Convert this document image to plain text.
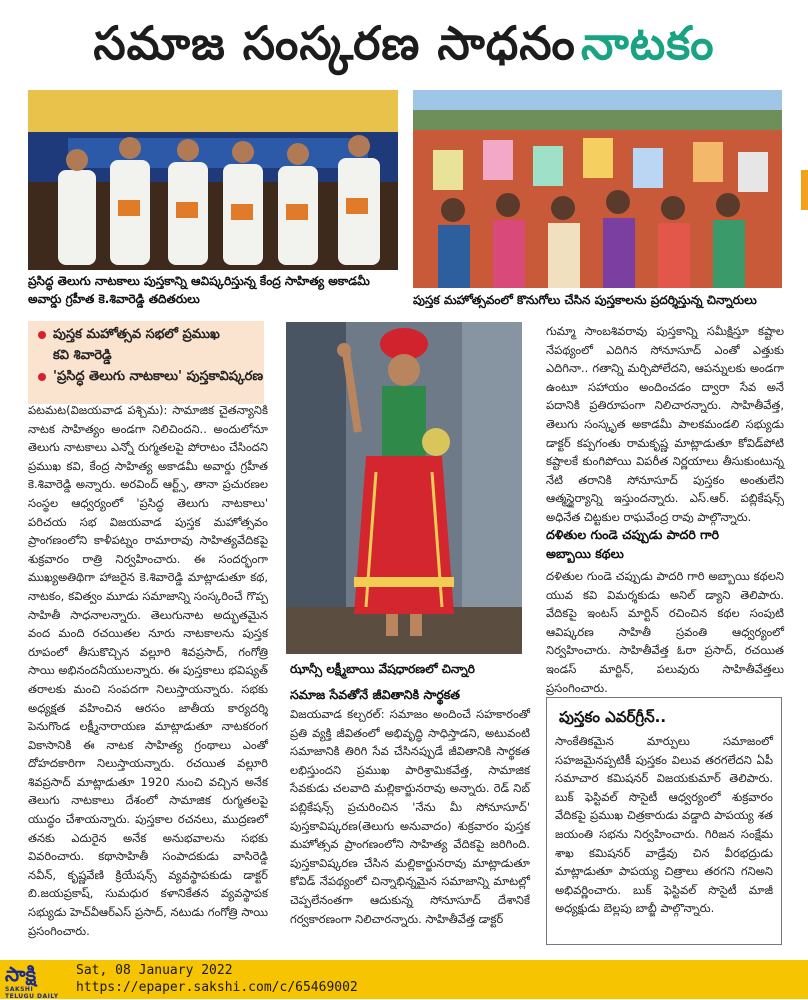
సమాజ సంస్కరణ సాధనం నాటకం
ప్రసిద్ధ తెలుగు నాటకాలు పుస్తకాన్ని ఆవిష్కరిస్తున్న కేంద్ర సాహిత్య అకాడమీ
అవార్డు గ్రహీత కె.శివారెడ్డి తదితరులు	పుస్తక మహోత్సవంలో కొనుగోలు చేసిన పుస్తకాలను ప్రదర్శిస్తున్న చిన్నారులు
పుస్తక మహోత్సవ సభలో ప్రముఖ
కవి శివారెడ్డి
'ప్రసిద్ధ తెలుగు నాటకాలు' పుస్తకావిష్కరణ

పటమట(విజయవాడ పశ్చిమ): సామాజిక చైతన్యానికి నాటక సాహిత్యం అండగా నిలిచిందని.. అందులోనూ తెలుగు నాటకాలు ఎన్నో రుగ్మతలపై పోరాటం చేసిందని ప్రముఖ కవి, కేంద్ర సాహిత్య అకాడమీ అవార్డు గ్రహీత కె.శివారెడ్డి అన్నారు. అరవింద్ ఆర్ట్స్, తానా ప్రచురణల సంస్థల ఆధ్వర్యంలో 'ప్రసిద్ధ తెలుగు నాటకాలు' పరిచయ సభ విజయవాడ పుస్తక మహోత్సవం ప్రాంగణంలోని కాళీపట్నం రామారావు సాహిత్యవేదికపై శుక్రవారం రాత్రి నిర్వహించారు. ఈ సందర్భంగా ముఖ్యఅతిథిగా హాజరైన కె.శివారెడ్డి మాట్లాడుతూ కథ, నాటకం, కవిత్వం మూడు సమాజాన్ని సంస్కరించే గొప్ప సాహితీ సాధనాలన్నారు. తెలుగునాట అద్భుతమైన వంద మంది రచయితల నూరు నాటకాలను పుస్తక రూపంలో తీసుకొచ్చిన వల్లూరి శివప్రసాద్, గంగోత్రి సాయి అభినందనీయులన్నారు. ఈ పుస్తకాలు భవిష్యత్ తరాలకు మంచి సంపదగా నిలుస్తాయన్నారు. సభకు అధ్యక్షత వహించిన ఆరసం జాతీయ కార్యదర్శి పెనుగొండ లక్ష్మీనారాయణ మాట్లాడుతూ నాటకరంగ వికాసానికి ఈ నాటక సాహిత్య గ్రంథాలు ఎంతో దోహదకారిగా నిలుస్తాయన్నారు. రచయిత వల్లూరి శివప్రసాద్ మాట్లాడుతూ 1920 నుంచి వచ్చిన అనేక తెలుగు నాటకాలు దేశంలో సామాజిక రుగ్మతలపై యుద్ధం చేశాయన్నారు. పుస్తకాల రచనలు, ముద్రణలో తనకు ఎదురైన అనేక అనుభవాలను సభకు వివరించారు. కథాసాహితీ సంపాదకుడు వాసిరెడ్డి నవీన్, కృష్ణవేణి క్రియేషన్స్ వ్యవస్థాపకుడు డాక్టర్ బి.జయప్రకాష్, సుమధుర కళానికేతన వ్యవస్థాపక సభ్యుడు హెచ్‌వీఆర్‌ఎస్ ప్రసాద్, నటుడు గంగోత్రి సాయి ప్రసంగించారు.

ఝాన్సీ లక్ష్మీబాయి వేషధారణలో చిన్నారి
సమాజ సేవతోనే జీవితానికి సార్థకత

విజయవాడ కల్చరల్: సమాజం అందించే సహకారంతో ప్రతి వ్యక్తి జీవితంలో అభివృద్ధి సాధిస్తాడని, అటువంటి సమాజానికి తిరిగి సేవ చేసినప్పుడే జీవితానికి సార్థకత లభిస్తుందని ప్రముఖ పారిశ్రామికవేత్త, సామాజిక సేవకుడు చలవాది మల్లికార్జునరావు అన్నారు. రెడ్ నిబ్ పబ్లికేషన్స్ ప్రచురించిన 'నేను మీ సోనూసూద్' పుస్తకావిష్కరణ(తెలుగు అనువాదం) శుక్రవారం పుస్తక మహోత్సవ ప్రాంగణంలోని సాహిత్య వేదికపై జరిగింది. పుస్తకావిష్కరణ చేసిన మల్లికార్జునరావు మాట్లాడుతూ కోవిడ్ నేపథ్యంలో చిన్నాభిన్నమైన సమాజాన్ని మాటల్లో చెప్పలేనంతగా ఆదుకున్న సోనూసూద్ దేశానికే గర్వకారణంగా నిలిచారన్నారు. సాహితీవేత్త డాక్టర్

గుమ్మా సాంబశివరావు పుస్తకాన్ని సమీక్షిస్తూ కష్టాల నేపథ్యంలో ఎదిగిన సోనూసూద్ ఎంతో ఎత్తుకు ఎదిగినా.. గతాన్ని మర్చిపోలేదని, ఆపన్నులకు అండగా ఉంటూ సహాయం అందించడం ద్వారా సేవ అనే పదానికి ప్రతిరూపంగా నిలిచారన్నారు. సాహితీవేత్త, తెలుగు సంస్కృత అకాడమీ పాలకమండలి సభ్యుడు డాక్టర్ కప్పగంతు రామకృష్ణ మాట్లాడుతూ కోవిడ్‌పోటి కష్టాలకే కుంగిపోయి విపరీత నిర్ణయాలు తీసుకుంటున్న నేటి తరానికి సోనూసూద్ పుస్తకం అంతులేని ఆత్మస్థైర్యాన్ని ఇస్తుందన్నారు. ఎస్.ఆర్. పబ్లికేషన్స్ అధినేత చిట్టకుల రాఘవేంద్ర రావు పాల్గొన్నారు.

దళితుల గుండె చప్పుడు పాదరి గారి
అబ్బాయి కథలు

దళితుల గుండె చప్పుడు పాదరి గారి అబ్బాయి కథలని యువ కవి విమర్శకుడు అనిల్ డ్యాని తెలిపారు. వేదికపై ఇంటస్ మార్టిన్ రచించిన కథల సంపుటి ఆవిష్కరణ సాహితీ స్రవంతి ఆధ్వర్యంలో నిర్వహించారు. సాహితీవేత్త ఓరా ప్రసాద్, రచయిత ఇండస్ మార్టిన్, పలువురు సాహితీవేత్తలు ప్రసంగించారు.

పుస్తకం ఎవర్‌గ్రీన్..

సాంకేతికమైన మార్పులు సమాజంలో సహజమైనప్పటికీ పుస్తకం విలువ తరగలేదని ఏపీ సమాచార కమిషనర్ విజయకుమార్ తెలిపారు. బుక్ ఫెస్టివల్ సొసైటీ ఆధ్వర్యంలో శుక్రవారం వేదికపై ప్రముఖ చిత్రకారుడు వడ్డాది పాపయ్య శత జయంతి సభను నిర్వహించారు. గిరిజన సంక్షేమ శాఖ కమిషనర్ వాడ్రేవు చిన వీరభద్రుడు మాట్లాడుతూ పాపయ్య చిత్రాలు తరగని గనిఅని అభివర్ణించారు. బుక్ ఫెస్టివల్ సొసైటీ మాజీ అధ్యక్షుడు బెల్లపు బాబ్జీ పాల్గొన్నారు.

సాక్షి
SAKSHI TELUGU DAILY
Sat, 08 January 2022
https://epaper.sakshi.com/c/65469002
